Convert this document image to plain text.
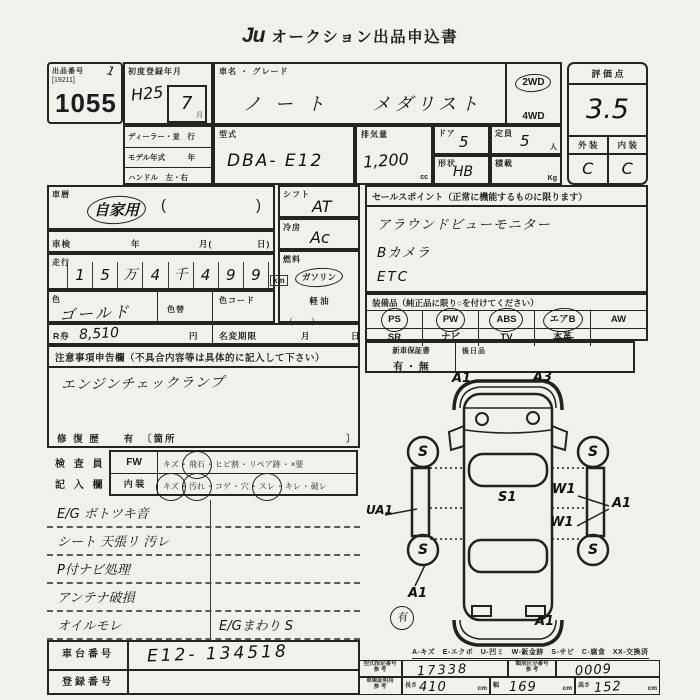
Ju オークション出品申込書
出品番号 1
[19211]
1055
初度登録年月
H25 7
月
車名 ・ グレード
ノ ー ト　　メダリスト
2WD
4WD
評 価 点
3.5
外 装	内 装
C	C
ディーラー・並　行
モデル年式　　　年
ハンドル　左・右
型式
DBA- E12
排気量
1,200
cc
ドア 5	定員 5	人
形状
HB
積載
Kg
車暦
自家用 (	)
車検	年	月(	日)
走行
1	5 万 4 千 4	9	9	km
色
ゴールド	色替
色コード
R券 8,510	円 名変期限	月	日
シフト
AT
冷房
Ac
燃料
ガソリン
軽 油
（　　）
セールスポイント（正常に機能するものに限ります）
アラウンドビューモニター
Bカメラ
ETC
装備品（純正品に限り○を付けてください）
PS	PW	ABS	エアB	AW
SR	ナビ	TV	本革
新車保証書
有 ・ 無
後日品
注意事項申告欄（不具合内容等は具体的に記入して下さい）
エンジンチェックランプ
修 復 歴　　有　〔箇所	〕
検 査 員
記 入 欄
FW	キズ ・ 飛石 ・ ヒビ割 ・ リペア跡 ・ ×要
内 装	キズ ・ 汚れ ・ コゲ ・ 穴 ・ スレ ・ キレ ・ 破レ
E/G ボトツキ音
シート 天張リ 汚レ
P付ナビ処理
アンテナ破損
オイルモレ	E/Gまわり S
車台番号	E12- 134518
登録番号
A1	A3
UA1
S1
W1
W1
A1
A1
A1
S	S
S	S
有
A-キズ　E-エクボ　U-凹ミ　W-鈑金跡　S-サビ　C-腐食　XX-交換済
型式指定番号
参 考	17338	類別区分番号
参 考	0009
車庫証明用
参 考	長さ 410	cm 幅 169	cm 高さ 152	cm
